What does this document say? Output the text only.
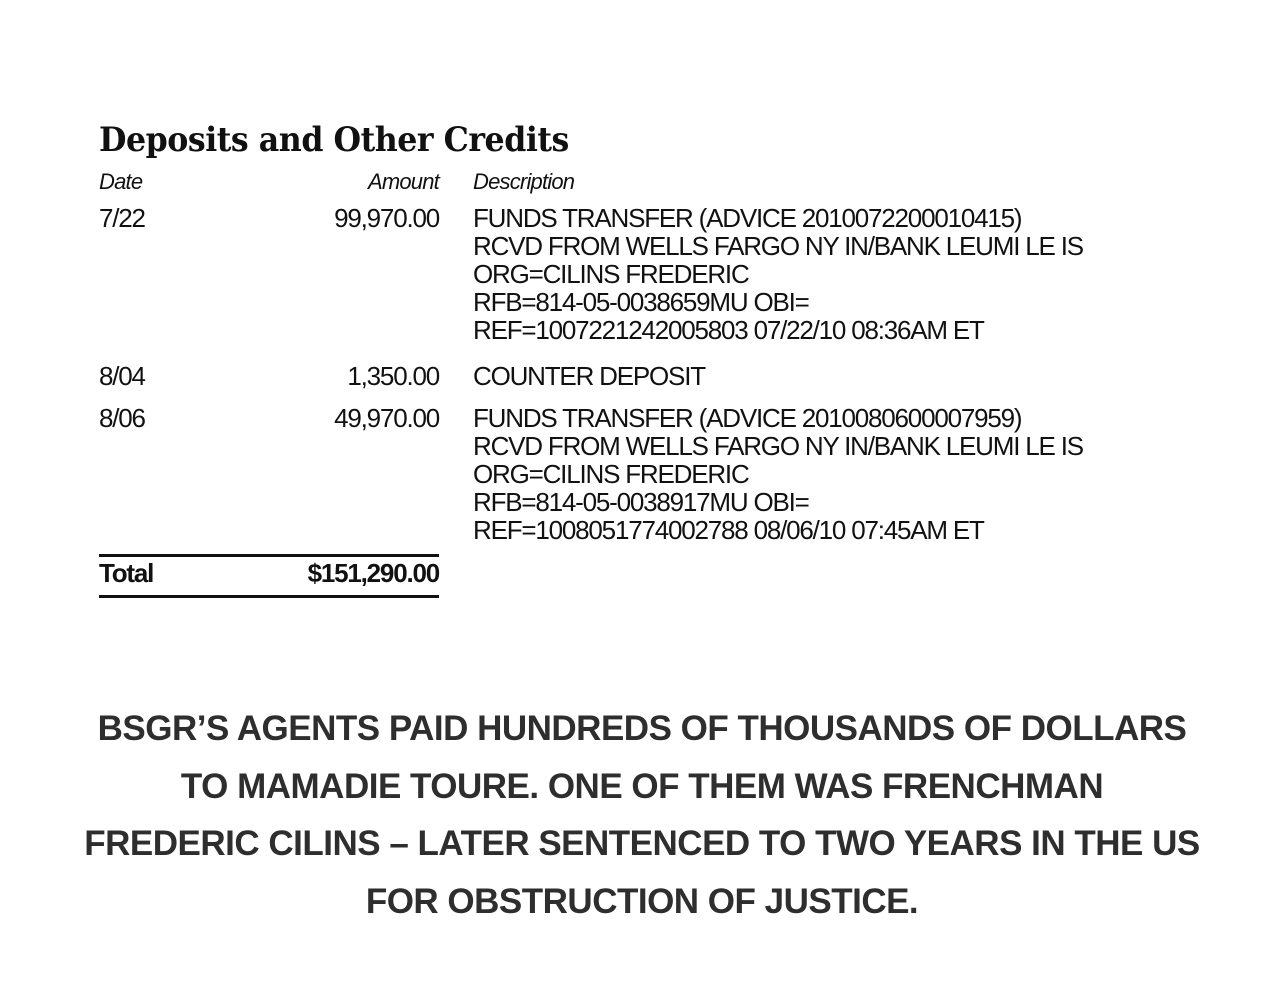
Deposits and Other Credits
Date	Amount Description
7/22	99,970.00 FUNDS TRANSFER (ADVICE 2010072200010415)
RCVD FROM WELLS FARGO NY IN/BANK LEUMI LE IS
ORG=CILINS FREDERIC
RFB=814-05-0038659MU OBI=
REF=1007221242005803 07/22/10 08:36AM ET
8/04	1,350.00 COUNTER DEPOSIT
8/06	49,970.00 FUNDS TRANSFER (ADVICE 2010080600007959)
RCVD FROM WELLS FARGO NY IN/BANK LEUMI LE IS
ORG=CILINS FREDERIC
RFB=814-05-0038917MU OBI=
REF=1008051774002788 08/06/10 07:45AM ET
Total	$151,290.00
BSGR’S AGENTS PAID HUNDREDS OF THOUSANDS OF DOLLARS
TO MAMADIE TOURE. ONE OF THEM WAS FRENCHMAN
FREDERIC CILINS – LATER SENTENCED TO TWO YEARS IN THE US
FOR OBSTRUCTION OF JUSTICE.
